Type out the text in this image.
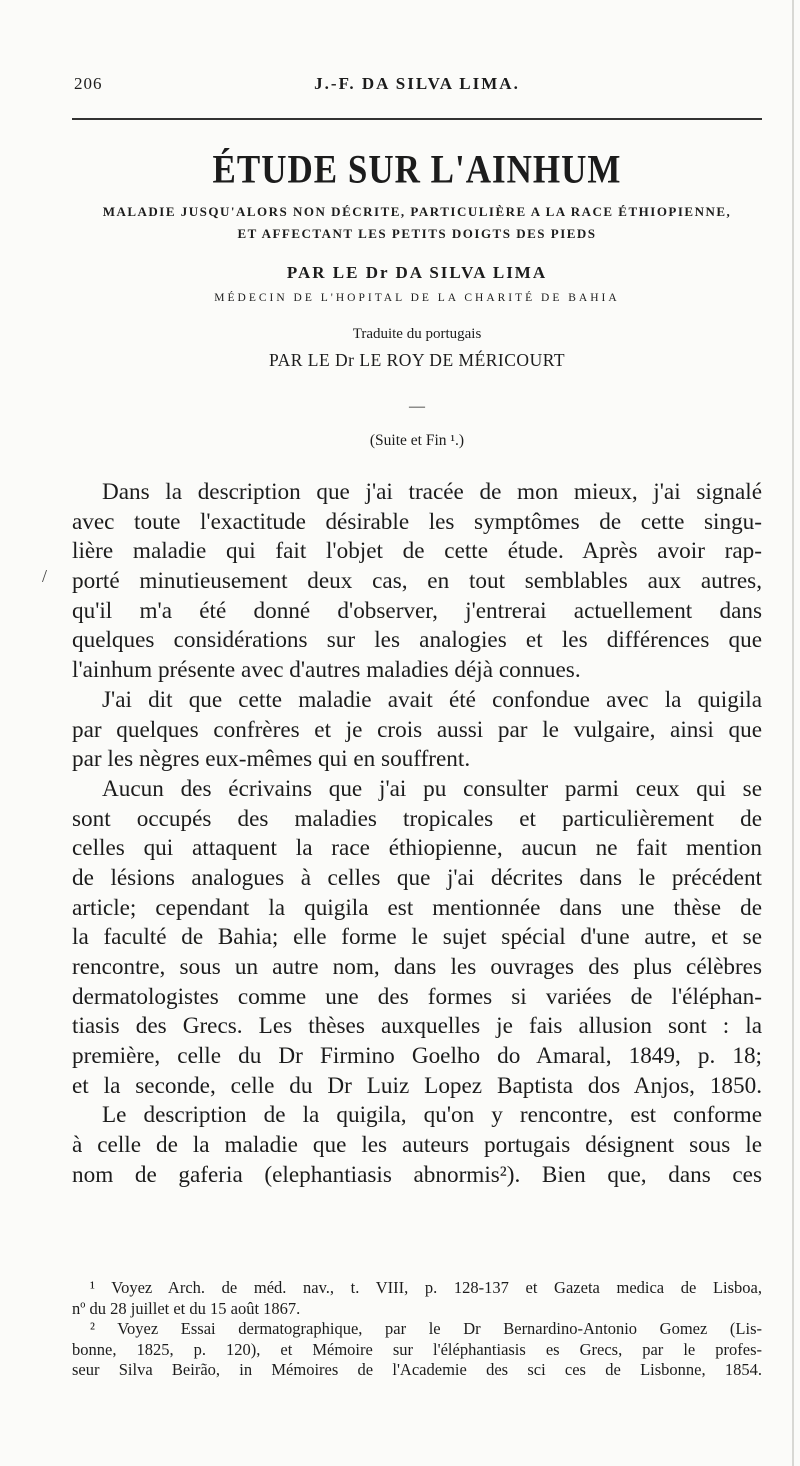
206	J.-F. DA SILVA LIMA.
ÉTUDE SUR L'AINHUM
MALADIE JUSQU'ALORS NON DÉCRITE, PARTICULIÈRE A LA RACE ÉTHIOPIENNE,
ET AFFECTANT LES PETITS DOIGTS DES PIEDS
PAR LE Dr DA SILVA LIMA
MÉDECIN DE L'HOPITAL DE LA CHARITÉ DE BAHIA
Traduite du portugais
PAR LE Dr LE ROY DE MÉRICOURT
—
(Suite et Fin ¹.)
Dans la description que j'ai tracée de mon mieux, j'ai signalé
avec toute l'exactitude désirable les symptômes de cette singu-
lière maladie qui fait l'objet de cette étude. Après avoir rap-
porté minutieusement deux cas, en tout semblables aux autres,
qu'il m'a été donné d'observer, j'entrerai actuellement dans
quelques considérations sur les analogies et les différences que
l'ainhum présente avec d'autres maladies déjà connues.
J'ai dit que cette maladie avait été confondue avec la quigila
par quelques confrères et je crois aussi par le vulgaire, ainsi que
par les nègres eux-mêmes qui en souffrent.
Aucun des écrivains que j'ai pu consulter parmi ceux qui se
sont occupés des maladies tropicales et particulièrement de
celles qui attaquent la race éthiopienne, aucun ne fait mention
de lésions analogues à celles que j'ai décrites dans le précédent
article; cependant la quigila est mentionnée dans une thèse de
la faculté de Bahia; elle forme le sujet spécial d'une autre, et se
rencontre, sous un autre nom, dans les ouvrages des plus célèbres
dermatologistes comme une des formes si variées de l'éléphan-
tiasis des Grecs. Les thèses auxquelles je fais allusion sont : la
première, celle du Dr Firmino Goelho do Amaral, 1849, p. 18;
et la seconde, celle du Dr Luiz Lopez Baptista dos Anjos, 1850.
Le description de la quigila, qu'on y rencontre, est conforme
à celle de la maladie que les auteurs portugais désignent sous le
nom de gaferia (elephantiasis abnormis²). Bien que, dans ces
¹ Voyez Arch. de méd. nav., t. VIII, p. 128-137 et Gazeta medica de Lisboa,
nº du 28 juillet et du 15 août 1867.
² Voyez Essai dermatographique, par le Dr Bernardino-Antonio Gomez (Lis-
bonne, 1825, p. 120), et Mémoire sur l'éléphantiasis es Grecs, par le profes-
seur Silva Beirão, in Mémoires de l'Academie des sci ces de Lisbonne, 1854.
/
